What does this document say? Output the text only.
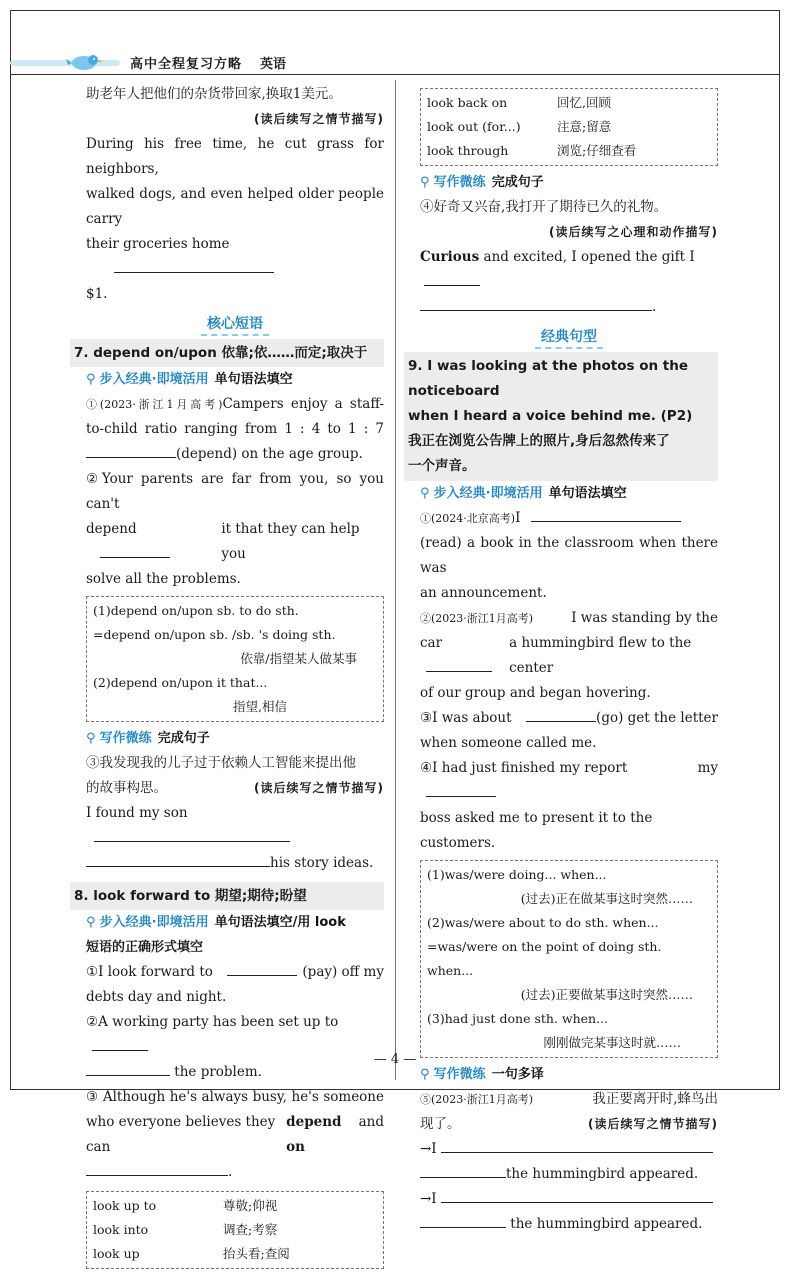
高中全程复习方略 英语
助老年人把他们的杂货带回家,换取1美元。
(读后续写之情节描写)
During his free time, he cut grass for neighbors,
walked dogs, and even helped older people carry
their groceries home
$1.
核心短语
7. depend on/upon 依靠;依……而定;取决于
⚲ 步入经典·即境活用 单句语法填空
①(2023·浙江1月高考)Campers enjoy a staff-
to-child ratio ranging from 1 : 4 to 1 : 7
(depend) on the age group.
②Your parents are far from you, so you can't
depend	it that they can help you
solve all the problems.
(1)depend on/upon sb. to do sth.
=depend on/upon sb. /sb. 's doing sth.
依靠/指望某人做某事
(2)depend on/upon it that...
指望,相信
⚲ 写作微练 完成句子
③我发现我的儿子过于依赖人工智能来提出他
的故事构思。	(读后续写之情节描写)
I found my son
his story ideas.
8. look forward to 期望;期待;盼望
⚲ 步入经典·即境活用 单句语法填空/用 look
短语的正确形式填空
①I look forward to	(pay) off my
debts day and night.
②A working party has been set up to
the problem.
③ Although he's always busy, he's someone
who everyone believes they can
depend on
and
.
look up to	尊敬;仰视
look into	调查;考察
look up	抬头看;查阅
look back on	回忆,回顾
look out (for...)	注意;留意
look through	浏览;仔细查看
⚲ 写作微练 完成句子
④好奇又兴奋,我打开了期待已久的礼物。
(读后续写之心理和动作描写)
Curious and excited, I opened the gift I
.
经典句型
9. I was looking at the photos on the noticeboard
when I heard a voice behind me. (P2)
我正在浏览公告牌上的照片,身后忽然传来了
一个声音。
⚲ 步入经典·即境活用 单句语法填空
①(2024·北京高考)I
(read) a book in the classroom when there was
an announcement.
②(2023·浙江1月高考)	I was standing by the
car	a hummingbird flew to the center
of our group and began hovering.
③I was about	(go) get the letter
when someone called me.
④I had just finished my report	my
boss asked me to present it to the customers.
(1)was/were doing... when...
(过去)正在做某事这时突然……
(2)was/were about to do sth. when...
=was/were on the point of doing sth. when...
(过去)正要做某事这时突然……
(3)had just done sth. when...
刚刚做完某事这时就……
⚲ 写作微练 一句多译
⑤(2023·浙江1月高考)	我正要离开时,蜂鸟出
现了。	(读后续写之情节描写)
→I
the hummingbird appeared.
→I
the hummingbird appeared.
— 4 —
